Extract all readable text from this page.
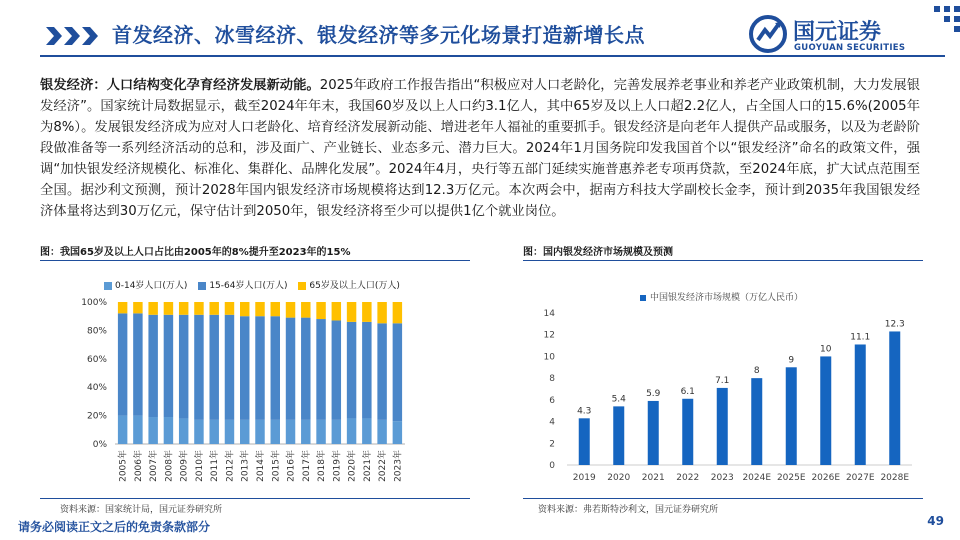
首发经济、冰雪经济、银发经济等多元化场景打造新增长点	国元证券
GUOYUAN SECURITIES
银发经济：人口结构变化孕育经济发展新动能。2025年政府工作报告指出“积极应对人口老龄化，完善发展养老事业和养老产业政策机制，大力发展银发经济”。国家统计局数据显示，截至2024年年末，我国60岁及以上人口约3.1亿人，其中65岁及以上人口超2.2亿人，占全国人口的15.6%(2005年为8%）。发展银发经济成为应对人口老龄化、培育经济发展新动能、增进老年人福祉的重要抓手。银发经济是向老年人提供产品或服务，以及为老龄阶段做准备等一系列经济活动的总和，涉及面广、产业链长、业态多元、潜力巨大。2024年1月国务院印发我国首个以“银发经济”命名的政策文件，强调“加快银发经济规模化、标准化、集群化、品牌化发展”。2024年4月，央行等五部门延续实施普惠养老专项再贷款，至2024年底，扩大试点范围至全国。据沙利文预测，预计2028年国内银发经济市场规模将达到12.3万亿元。本次两会中，据南方科技大学副校长金李，预计到2035年我国银发经济体量将达到30万亿元，保守估计到2050年，银发经济将至少可以提供1亿个就业岗位。
图：我国65岁及以上人口占比由2005年的8%提升至2023年的15%	图：国内银发经济市场规模及预测
0-14岁人口(万人) 15-64岁人口(万人) 65岁及以上人口(万人)
0%
20%
40%
60%
80%
100%
2005年 2006年 2007年 2008年 2009年 2010年 2011年 2012年 2013年 2014年 2015年 2016年 2017年 2018年 2019年 2020年 2021年 2022年 2023年
中国银发经济市场规模（万亿人民币）
0
2
4
6
8
10
12
14
4.3
2019
5.4
2020
5.9
2021
6.1
2022
7.1
2023
8
2024E
9
2025E
10
2026E
11.1
2027E
12.3
2028E
资料来源：国家统计局，国元证券研究所	资料来源：弗若斯特沙利文，国元证券研究所
请务必阅读正文之后的免责条款部分	49
